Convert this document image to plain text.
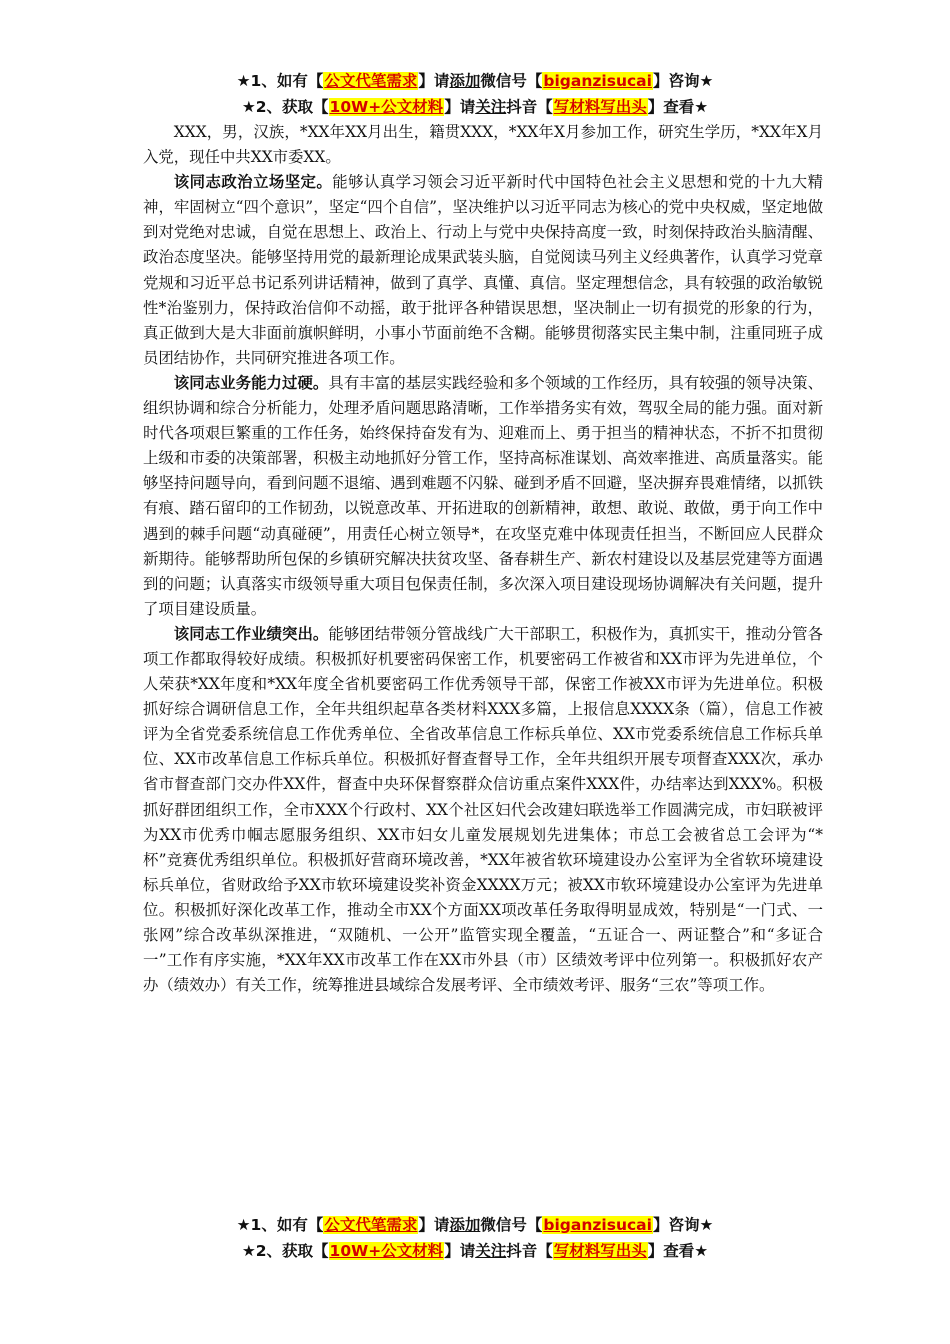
★1、如有【公文代笔需求】请添加微信号【biganzisucai】咨询★
★2、获取【10W+公文材料】请关注抖音【写材料写出头】查看★

XXX，男，汉族，*XX年XX月出生，籍贯XXX，*XX年X月参加工作，研究生学历，*XX年X月入党，现任中共XX市委XX。

该同志政治立场坚定。能够认真学习领会习近平新时代中国特色社会主义思想和党的十九大精神，牢固树立“四个意识”，坚定“四个自信”，坚决维护以习近平同志为核心的党中央权威，坚定地做到对党绝对忠诚，自觉在思想上、政治上、行动上与党中央保持高度一致，时刻保持政治头脑清醒、政治态度坚决。能够坚持用党的最新理论成果武装头脑，自觉阅读马列主义经典著作，认真学习党章党规和习近平总书记系列讲话精神，做到了真学、真懂、真信。坚定理想信念，具有较强的政治敏锐性*治鉴别力，保持政治信仰不动摇，敢于批评各种错误思想，坚决制止一切有损党的形象的行为，真正做到大是大非面前旗帜鲜明，小事小节面前绝不含糊。能够贯彻落实民主集中制，注重同班子成员团结协作，共同研究推进各项工作。

该同志业务能力过硬。具有丰富的基层实践经验和多个领域的工作经历，具有较强的领导决策、组织协调和综合分析能力，处理矛盾问题思路清晰，工作举措务实有效，驾驭全局的能力强。面对新时代各项艰巨繁重的工作任务，始终保持奋发有为、迎难而上、勇于担当的精神状态，不折不扣贯彻上级和市委的决策部署，积极主动地抓好分管工作，坚持高标准谋划、高效率推进、高质量落实。能够坚持问题导向，看到问题不退缩、遇到难题不闪躲、碰到矛盾不回避，坚决摒弃畏难情绪，以抓铁有痕、踏石留印的工作韧劲，以锐意改革、开拓进取的创新精神，敢想、敢说、敢做，勇于向工作中遇到的棘手问题“动真碰硬”，用责任心树立领导*，在攻坚克难中体现责任担当，不断回应人民群众新期待。能够帮助所包保的乡镇研究解决扶贫攻坚、备春耕生产、新农村建设以及基层党建等方面遇到的问题；认真落实市级领导重大项目包保责任制，多次深入项目建设现场协调解决有关问题，提升了项目建设质量。

该同志工作业绩突出。能够团结带领分管战线广大干部职工，积极作为，真抓实干，推动分管各项工作都取得较好成绩。积极抓好机要密码保密工作，机要密码工作被省和XX市评为先进单位，个人荣获*XX年度和*XX年度全省机要密码工作优秀领导干部，保密工作被XX市评为先进单位。积极抓好综合调研信息工作，全年共组织起草各类材料XXX多篇，上报信息XXXX条（篇），信息工作被评为全省党委系统信息工作优秀单位、全省改革信息工作标兵单位、XX市党委系统信息工作标兵单位、XX市改革信息工作标兵单位。积极抓好督查督导工作，全年共组织开展专项督查XXX次，承办省市督查部门交办件XX件，督查中央环保督察群众信访重点案件XXX件，办结率达到XXX%。积极抓好群团组织工作，全市XXX个行政村、XX个社区妇代会改建妇联选举工作圆满完成，市妇联被评为XX市优秀巾帼志愿服务组织、XX市妇女儿童发展规划先进集体；市总工会被省总工会评为“*杯”竞赛优秀组织单位。积极抓好营商环境改善，*XX年被省软环境建设办公室评为全省软环境建设标兵单位，省财政给予XX市软环境建设奖补资金XXXX万元；被XX市软环境建设办公室评为先进单位。积极抓好深化改革工作，推动全市XX个方面XX项改革任务取得明显成效，特别是“一门式、一张网”综合改革纵深推进，“双随机、一公开”监管实现全覆盖，“五证合一、两证整合”和“多证合一”工作有序实施，*XX年XX市改革工作在XX市外县（市）区绩效考评中位列第一。积极抓好农产办（绩效办）有关工作，统筹推进县域综合发展考评、全市绩效考评、服务“三农”等项工作。

★1、如有【公文代笔需求】请添加微信号【biganzisucai】咨询★
★2、获取【10W+公文材料】请关注抖音【写材料写出头】查看★
